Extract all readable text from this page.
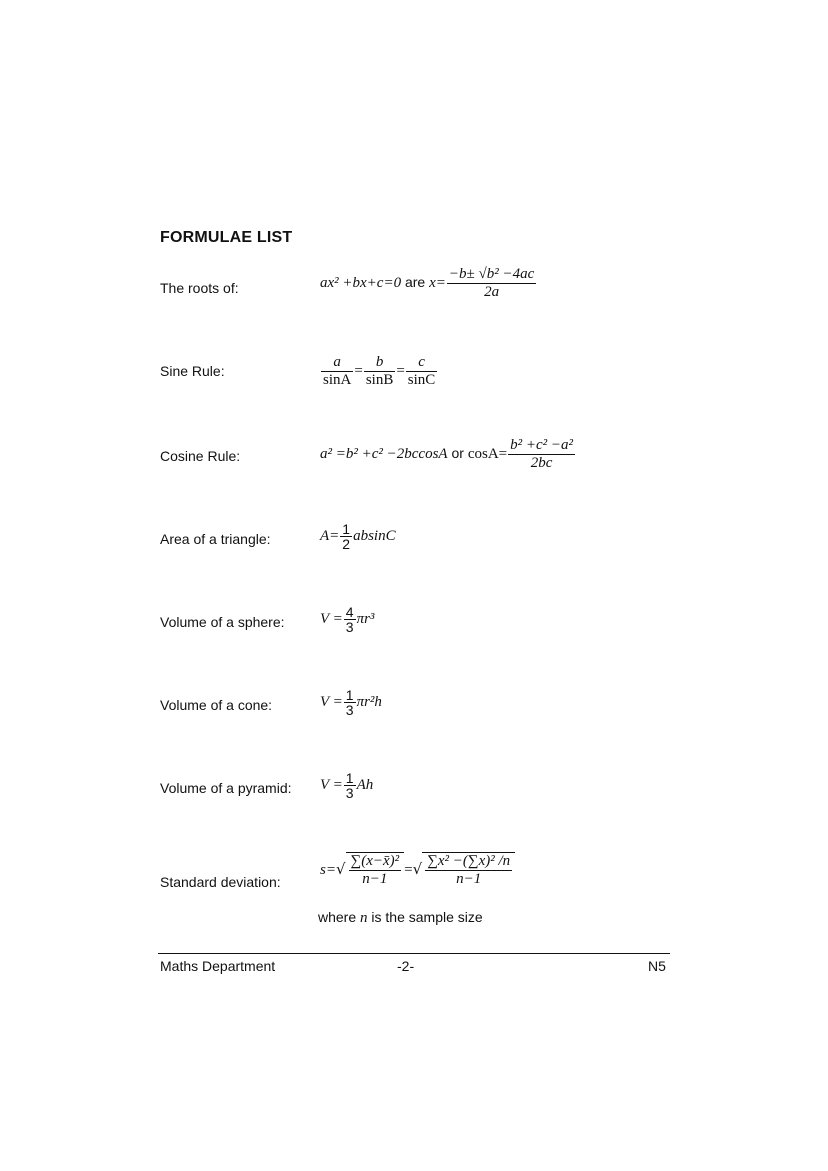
FORMULAE LIST
The roots of:	ax² +bx+c=0 are $x= \frac{\text{−b± √b² −4ac}}{2a}$
Sine Rule:	$\frac{a}{\sin A} = \frac{b}{\sin B} = \frac{c}{\sin C}$
Cosine Rule:	a² =b² +c² −2bccosA or $\cos A= \frac{\text{b² +c² −a²}}{2bc}$
Area of a triangle:	$A= \frac{1}{2}$ absinC
Volume of a sphere: $V = \frac{4}{3} \pi r^3$
Volume of a cone:	$V = \frac{1}{3} \pi r^2h$
Volume of a pyramid: $V = \frac{1}{3}$ Ah
Standard deviation:
$s=√ \frac{\text{∑(x−x̄)²}}{n-1}$ =√ $\frac{\text{∑x² −(∑x)² /n}}{n-1}$
where n is the sample size
Maths Department	-2-	N5
